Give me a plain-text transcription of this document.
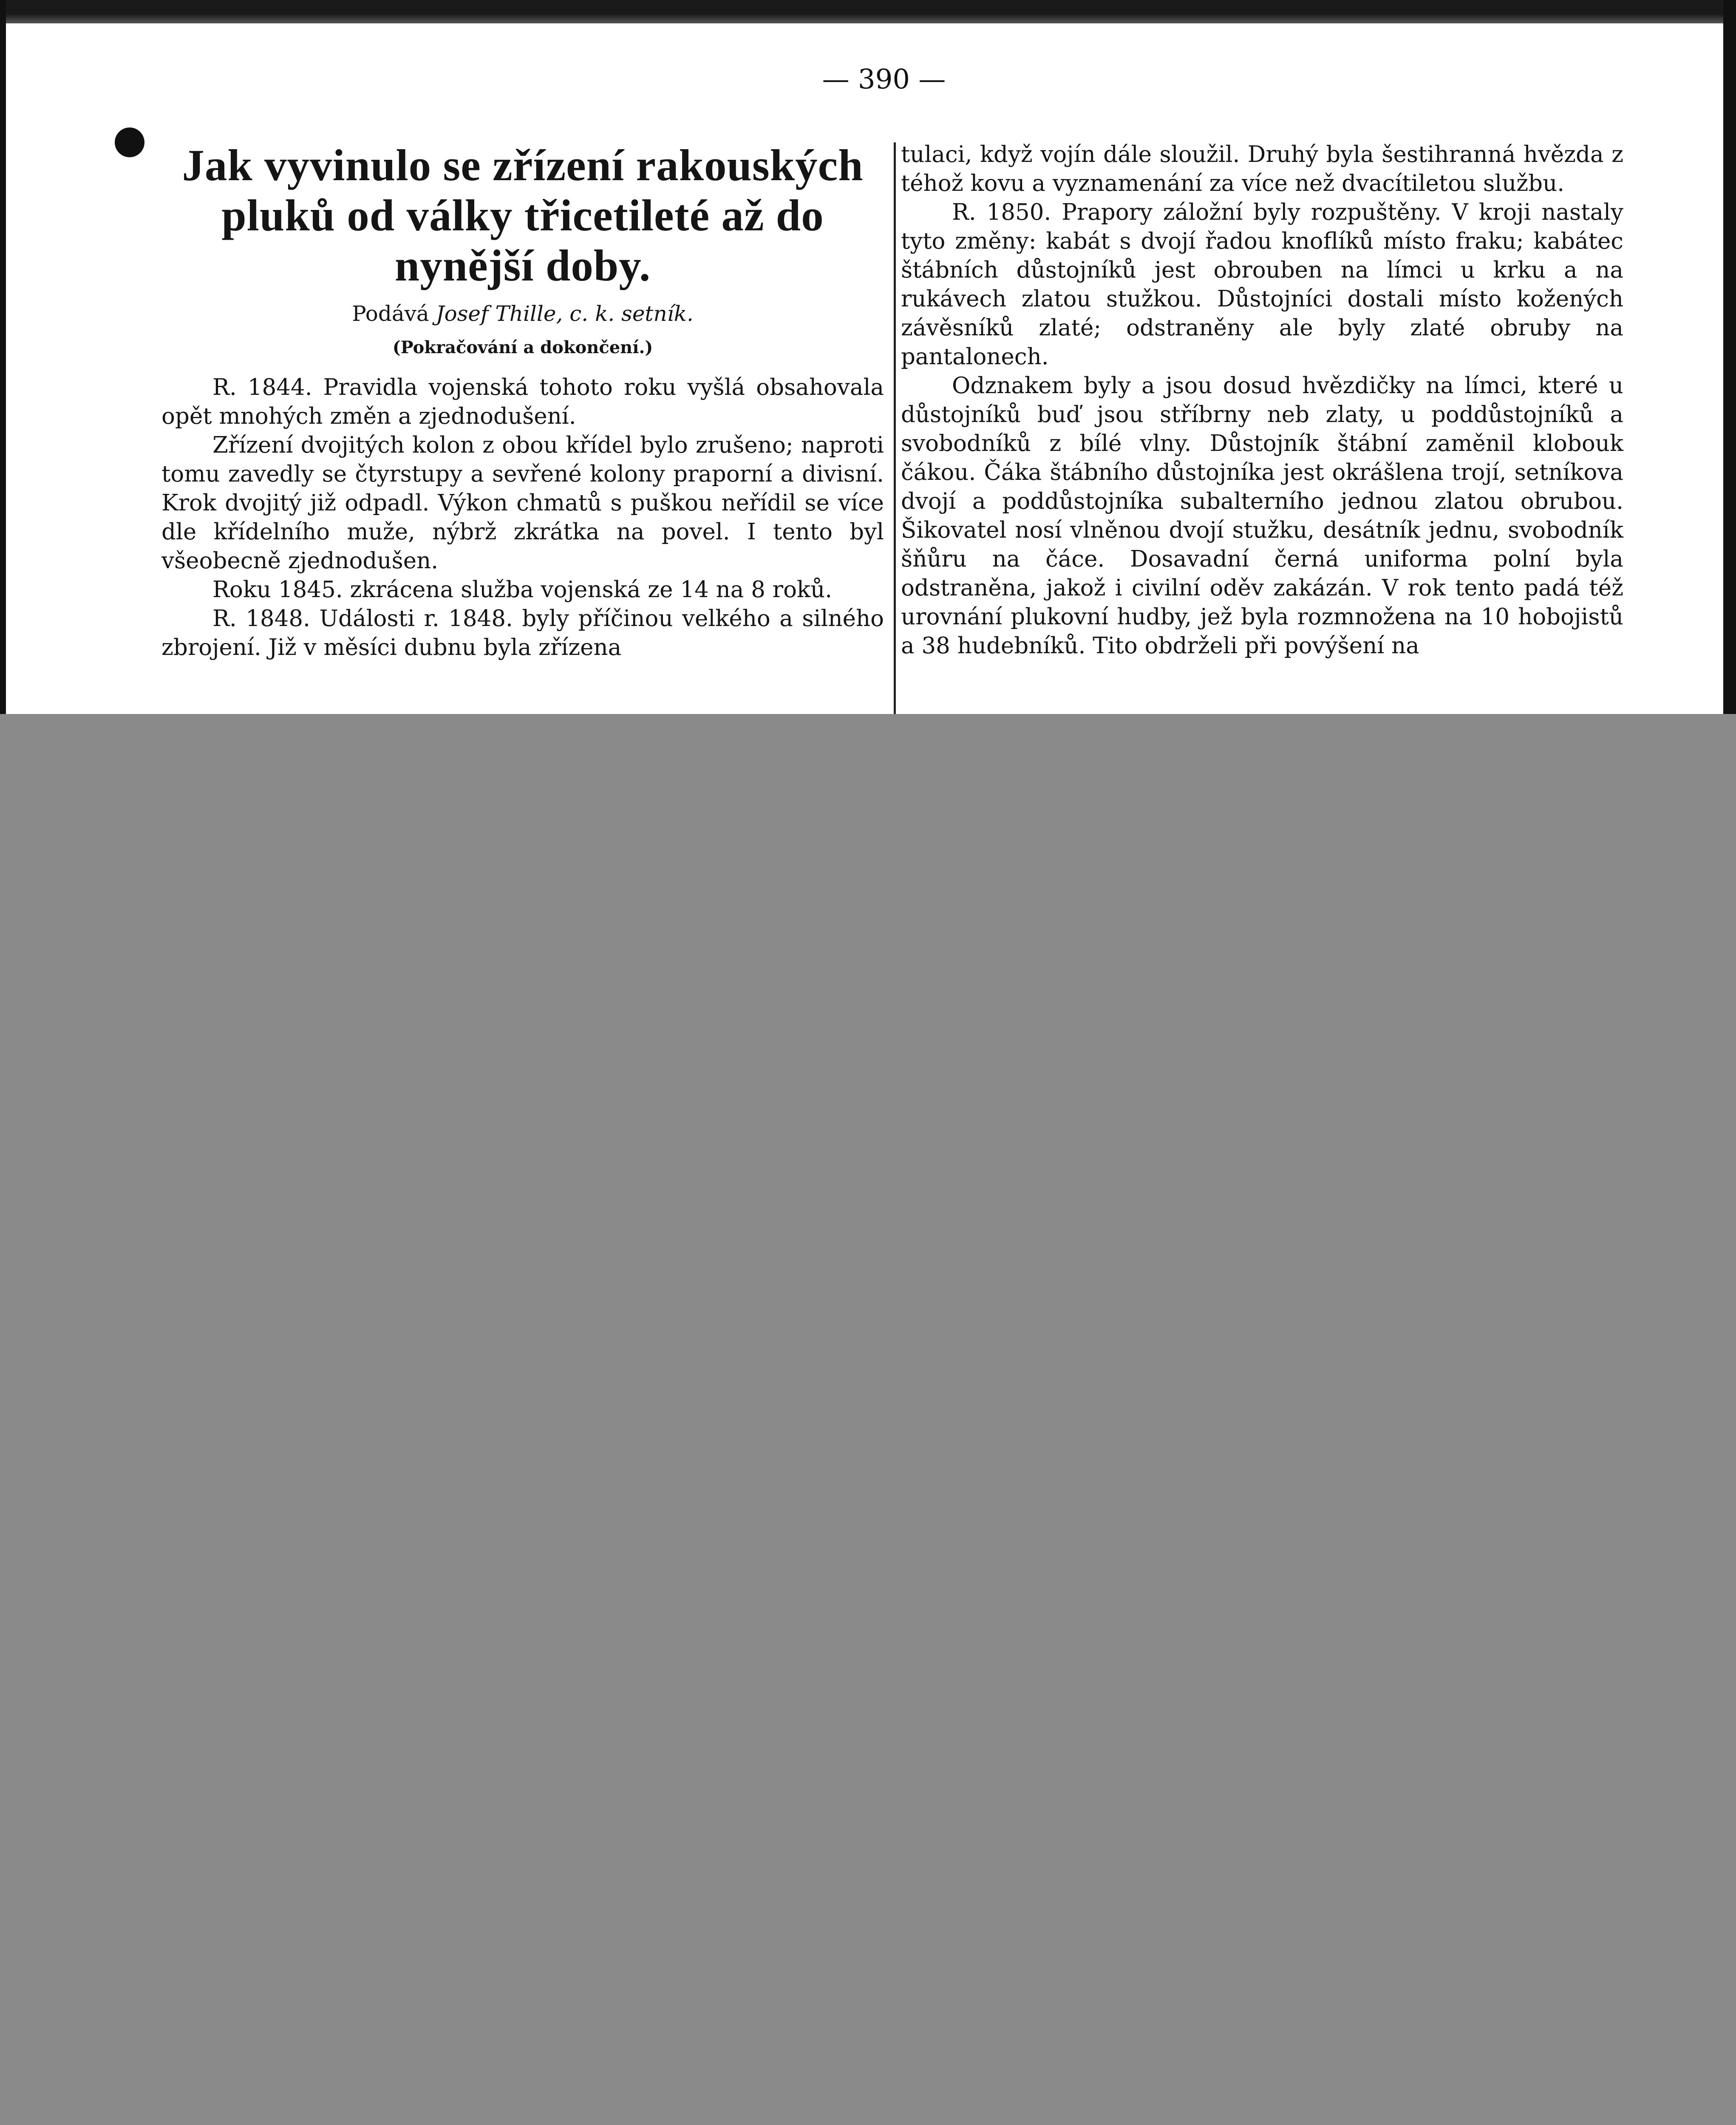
— 390 —
Jak vyvinulo se zřízení rakouských pluků od války třicetileté až do nynější doby.

Podává Josef Thille, c. k. setník.

(Pokračování a dokončení.)

R. 1844. Pravidla vojenská tohoto roku vyšlá obsahovala opět mnohých změn a zjednodušení.

Zřízení dvojitých kolon z obou křídel bylo zrušeno; naproti tomu zavedly se čtyrstupy a sevřené kolony praporní a divisní. Krok dvojitý již odpadl. Výkon chmatů s puškou neřídil se více dle křídelního muže, nýbrž zkrátka na povel. I tento byl všeobecně zjednodušen.

Roku 1845. zkrácena služba vojenská ze 14 na 8 roků.

R. 1848. Události r. 1848. byly příčinou velkého a silného zbrojení. Již v měsíci dubnu byla zřízena

tulaci, když vojín dále sloužil. Druhý byla šestihranná hvězda z téhož kovu a vyznamenání za více než dvacítiletou službu.

R. 1850. Prapory záložní byly rozpuštěny. V kroji nastaly tyto změny: kabát s dvojí řadou knoflíků místo fraku; kabátec štábních důstojníků jest obrouben na límci u krku a na rukávech zlatou stužkou. Důstojníci dostali místo kožených závěsníků zlaté; odstraněny ale byly zlaté obruby na pantalonech.

Odznakem byly a jsou dosud hvězdičky na límci, které u důstojníků buď jsou stříbrny neb zlaty, u poddůstojníků a svobodníků z bílé vlny. Důstojník štábní zaměnil klobouk čákou. Čáka štábního důstojníka jest okrášlena trojí, setníkova dvojí a poddůstojníka subalterního jednou zlatou obrubou. Šikovatel nosí vlněnou dvojí stužku, desátník jednu, svobodník šňůru na čáce. Dosavadní černá uniforma polní byla odstraněna, jakož i civilní oděv zakázán. V rok tento padá též urovnání plukovní hudby, jež byla rozmnožena na 10 hobojistů a 38 hudebníků. Tito obdrželi při povýšení na
